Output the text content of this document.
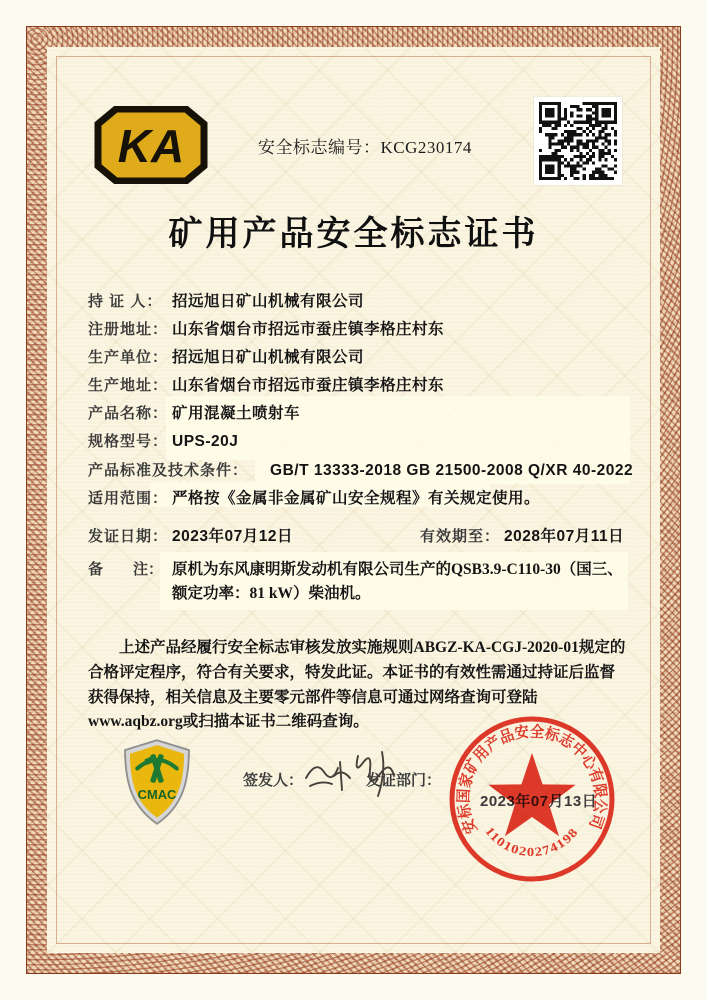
KA	安全标志编号：KCG230174
矿用产品安全标志证书
持 证 人： 招远旭日矿山机械有限公司
注册地址： 山东省烟台市招远市蚕庄镇李格庄村东
生产单位： 招远旭日矿山机械有限公司
生产地址： 山东省烟台市招远市蚕庄镇李格庄村东
产品名称： 矿用混凝土喷射车
规格型号： UPS-20J
产品标准及技术条件： GB/T 13333-2018 GB 21500-2008 Q/XR 40-2022
适用范围： 严格按《金属非金属矿山安全规程》有关规定使用。
发证日期： 2023年07月12日	有效期至： 2028年07月11日
备　　注： 原机为东风康明斯发动机有限公司生产的QSB3.9-C110-30（国三、额定功率：81 kW）柴油机。
上述产品经履行安全标志审核发放实施规则ABGZ-KA-CGJ-2020-01规定的合格评定程序，符合有关要求，特发此证。本证书的有效性需通过持证后监督获得保持，相关信息及主要零元部件等信息可通过网络查询可登陆www.aqbz.org或扫描本证书二维码查询。
CMAC
签发人：	发证部门：
2023年07月13日
安标国家矿用产品安全标志中心有限公司
1101020274198
